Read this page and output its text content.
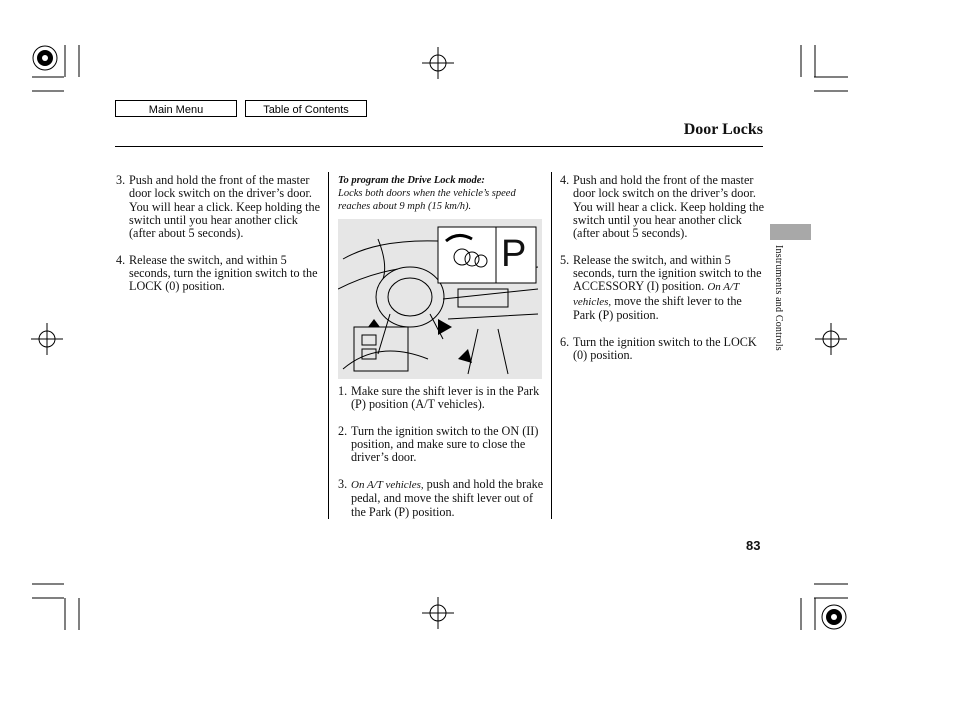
Main Menu	Table of Contents
Door Locks
3. Push and hold the front of the master door lock switch on the driver’s door. You will hear a click. Keep holding the switch until you hear another click (after about 5 seconds).
4. Release the switch, and within 5 seconds, turn the ignition switch to the LOCK (0) position.
To program the Drive Lock mode:
Locks both doors when the vehicle’s speed reaches about 9 mph (15 km/h).
P
1. Make sure the shift lever is in the Park (P) position (A/T vehicles).
2. Turn the ignition switch to the ON (II) position, and make sure to close the driver’s door.
3. On A/T vehicles, push and hold the brake pedal, and move the shift lever out of the Park (P) position.
4. Push and hold the front of the master door lock switch on the driver’s door. You will hear a click. Keep holding the switch until you hear another click (after about 5 seconds).
5. Release the switch, and within 5 seconds, turn the ignition switch to the ACCESSORY (I) position. On A/T vehicles, move the shift lever to the Park (P) position.
6. Turn the ignition switch to the LOCK (0) position.
Instruments and Controls
83
